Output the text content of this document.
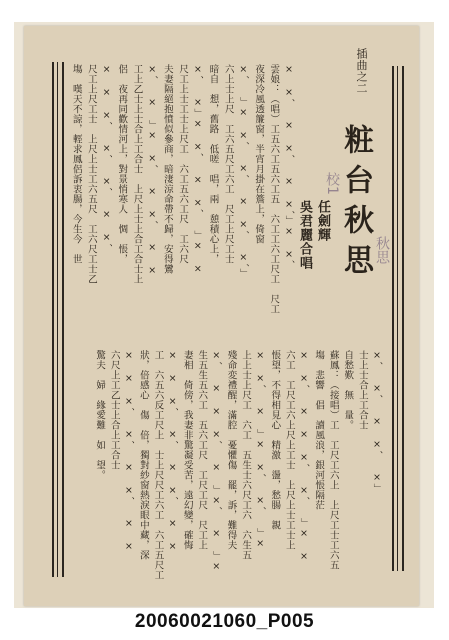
插曲之二
粧台秋思
任劍輝
吳君麗合唱	秋思
校1
× ×、 × ×、 × ×、」× ×、
雲娘：（唱）工五六工五六工五　六工工六工尺工　尺工
夜深冷風透簾窗，半宵月掛在簷上，倚窗
×、 」× ×、 ×、 × ×、 ×、」
六上士上尺　工六五尺工六工　尺工上尺工士
暗自　想，舊路　低嗟　唱，兩　憩積心上，
×、 ×」× ×、 × ×、 」× ×
尺工上士工士上尺工　六工五六工尺　工六尺
夫妻隔絕抱憤似參商，暗淒涼命帶不歸，安得鸞
×、 × 」× ×、 × ×、 × ×
工上乙士上士合上工合士　上尺上士上合工合士上
侶　夜再同歡情河上，對景悄寒人　惆　悵，
× × ×、 ×、 ×、 × ×、
尺工上尺工士　上尺上士工六五尺　工六尺工士乙
塲　嘆天不諒，輕求鳳侶訴衷腸，今生今　世
×、 ×、 × ×、 ×」
士上士合上工合士
自愁歎　無　量。
蘇鳳：（接唱）工　工尺工六上　上尺工士工六五
塲　悲響　倡　讀風浪，銀河悵隔茫
× ×、 × × ×、 ×、 」× ×
六工　工尺工六上尺上工士　上尺上士工士上
悵望，不得相見心　精激　盪，愁腸　親
× ×、 × 」× ×、 ×、 」×
上上士上尺工　六工　五生士六尺工六　六生五
殘命変禮醒，滿腔　憂懼傷　罷，訴，難得夫
×、 × × ×、 × 」×、 × 」×
生五生五六工　五六工尺　工尺工尺　尺工上
妻相　倚傍，我妻非驚凝受苦，遠幻變，確悔
× × ×、 ×、 × ×、 × ×
工　六五六反工尺上　士上尺尺工六工　六工五尺工
狀，倍感心　傷　倍，獨對紗窗熱淚眼中藏，深
× × ×、 ×、 × ×、 × ×
六尺上工乙士上合上工合士
驚夫　婦　緣愛難　如　望。
20060021060_P005
